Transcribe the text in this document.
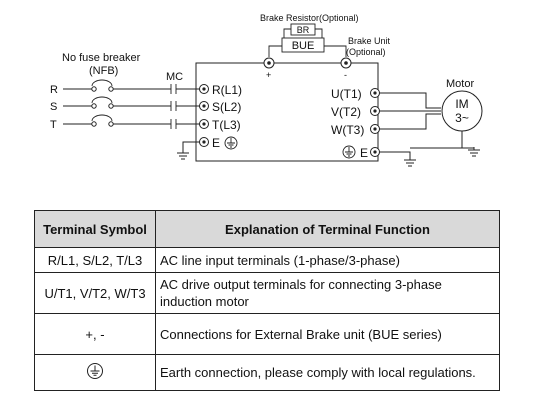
Brake Resistor(Optional)
BR
BUE	Brake Unit
(Optional)
+	-
No fuse breaker
(NFB)	MC
R
S
T
R(L1)
S(L2)
T(L3)
E
U(T1)
V(T2)
W(T3)
E
Motor
IM
3~
Terminal Symbol	Explanation of Terminal Function
R/L1, S/L2, T/L3	AC line input terminals (1-phase/3-phase)
U/T1, V/T2, W/T3	AC drive output terminals for connecting 3-phase induction motor
+, -	Connections for External Brake unit (BUE series)
	Earth connection, please comply with local regulations.
